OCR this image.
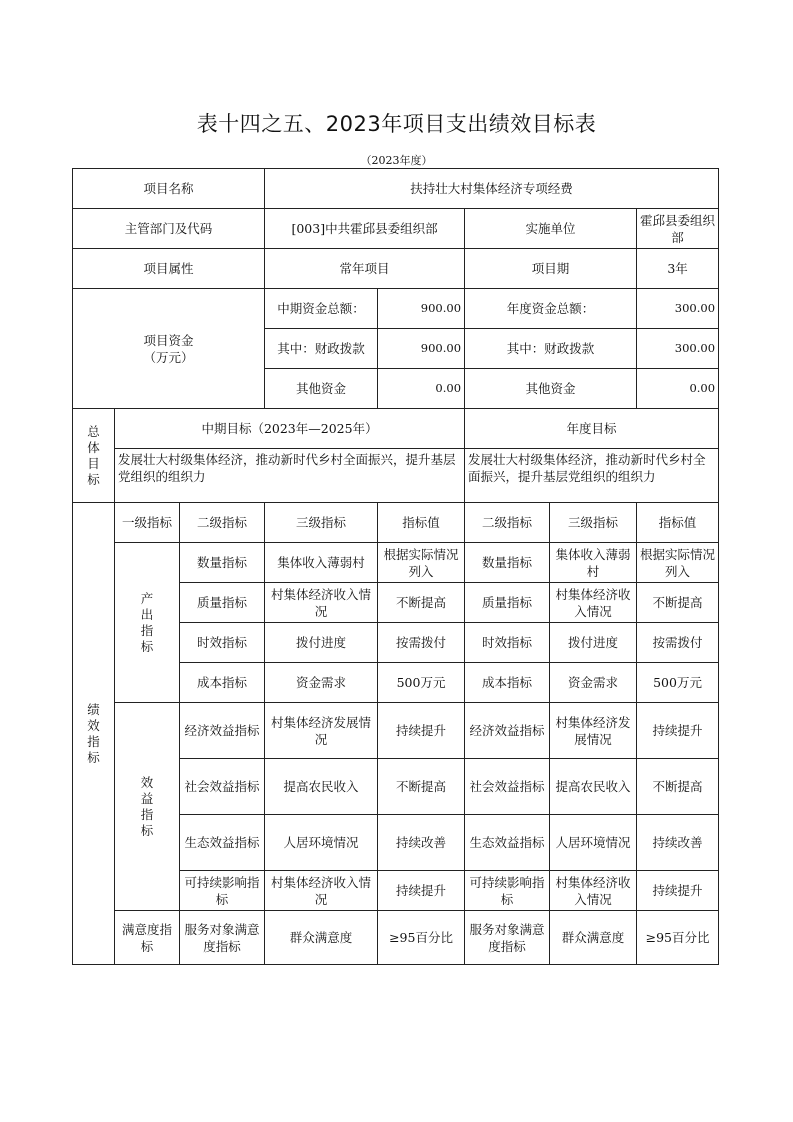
表十四之五、2023年项目支出绩效目标表
（2023年度）
项目名称			扶持壮大村集体经济专项经费				
主管部门及代码			[003]中共霍邱县委组织部		实施单位		霍邱县委组织部
项目属性			常年项目		项目期		3年

项目资金
（万元）			中期资金总额：	900.00	年度资金总额：		300.00
			其中：财政拨款	900.00	其中：财政拨款		300.00
			其他资金	0.00	其他资金		0.00

总体目标	中期目标（2023年—2025年）				年度目标		
	发展壮大村级集体经济，推动新时代乡村全面振兴，提升基层党组织的组织力				发展壮大村级集体经济，推动新时代乡村全面振兴，提升基层党组织的组织力		

绩效指标	一级指标	二级指标	三级指标	指标值	二级指标	三级指标	指标值

	产出指标	数量指标	集体收入薄弱村	根据实际情况列入	数量指标	集体收入薄弱村	根据实际情况列入
		质量指标	村集体经济收入情况	不断提高	质量指标	村集体经济收入情况	不断提高
		时效指标	拨付进度	按需拨付	时效指标	拨付进度	按需拨付
		成本指标	资金需求	500万元	成本指标	资金需求	500万元

	效益指标	经济效益指标	村集体经济发展情况	持续提升	经济效益指标	村集体经济发展情况	持续提升
		社会效益指标	提高农民收入	不断提高	社会效益指标	提高农民收入	不断提高
		生态效益指标	人居环境情况	持续改善	生态效益指标	人居环境情况	持续改善
		可持续影响指标	村集体经济收入情况	持续提升	可持续影响指标	村集体经济收入情况	持续提升
	满意度指标	服务对象满意度指标	群众满意度	≥95百分比	服务对象满意度指标	群众满意度	≥95百分比
